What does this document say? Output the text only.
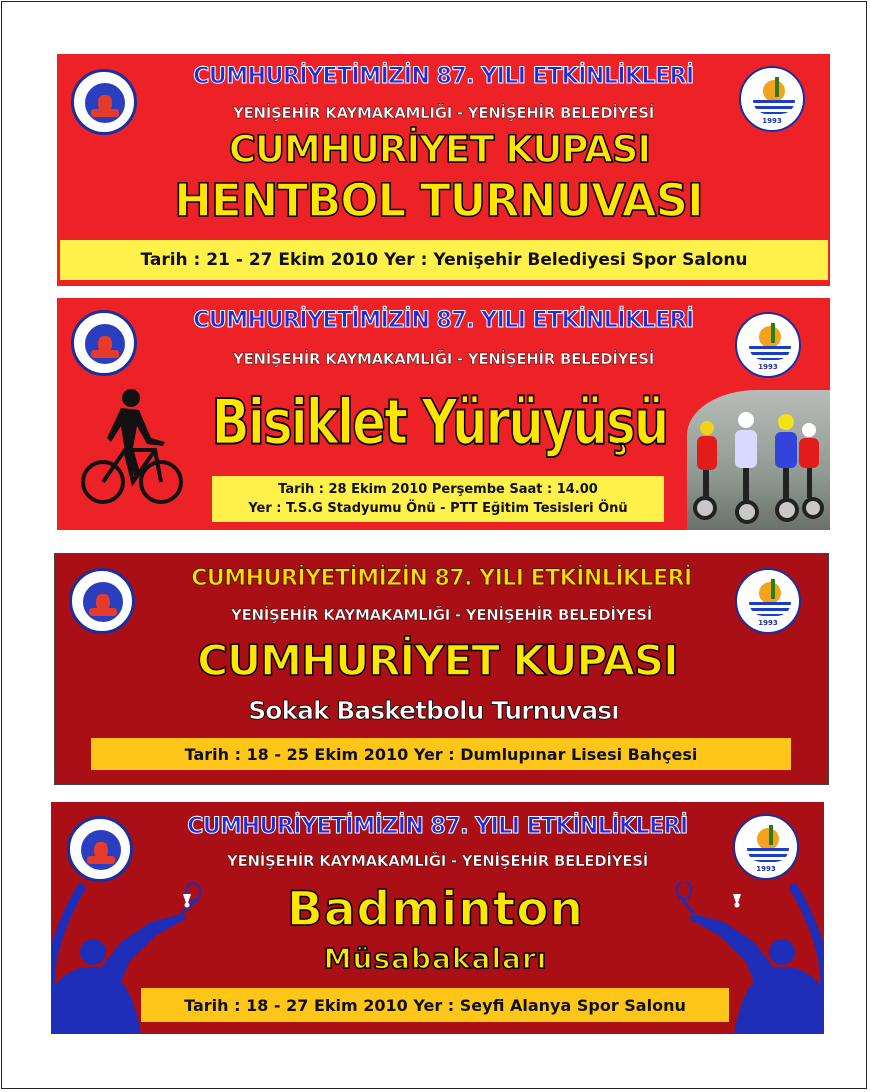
1993
CUMHURİYETİMİZİN 87. YILI ETKİNLİKLERİ
YENİŞEHİR KAYMAKAMLIĞI - YENİŞEHİR BELEDİYESİ
CUMHURİYET KUPASI
HENTBOL TURNUVASI
Tarih : 21 - 27 Ekim 2010 Yer : Yenişehir Belediyesi Spor Salonu
1993
CUMHURİYETİMİZİN 87. YILI ETKİNLİKLERİ
YENİŞEHİR KAYMAKAMLIĞI - YENİŞEHİR BELEDİYESİ
Bisiklet Yürüyüşü
Tarih : 28 Ekim 2010 Perşembe Saat : 14.00
Yer : T.S.G Stadyumu Önü - PTT Eğitim Tesisleri Önü
1993
CUMHURİYETİMİZİN 87. YILI ETKİNLİKLERİ
YENİŞEHİR KAYMAKAMLIĞI - YENİŞEHİR BELEDİYESİ
CUMHURİYET KUPASI
Sokak Basketbolu Turnuvası
Tarih : 18 - 25 Ekim 2010 Yer : Dumlupınar Lisesi Bahçesi
1993
CUMHURİYETİMİZİN 87. YILI ETKİNLİKLERİ
YENİŞEHİR KAYMAKAMLIĞI - YENİŞEHİR BELEDİYESİ
Badminton
Müsabakaları
Tarih : 18 - 27 Ekim 2010 Yer : Seyfi Alanya Spor Salonu
